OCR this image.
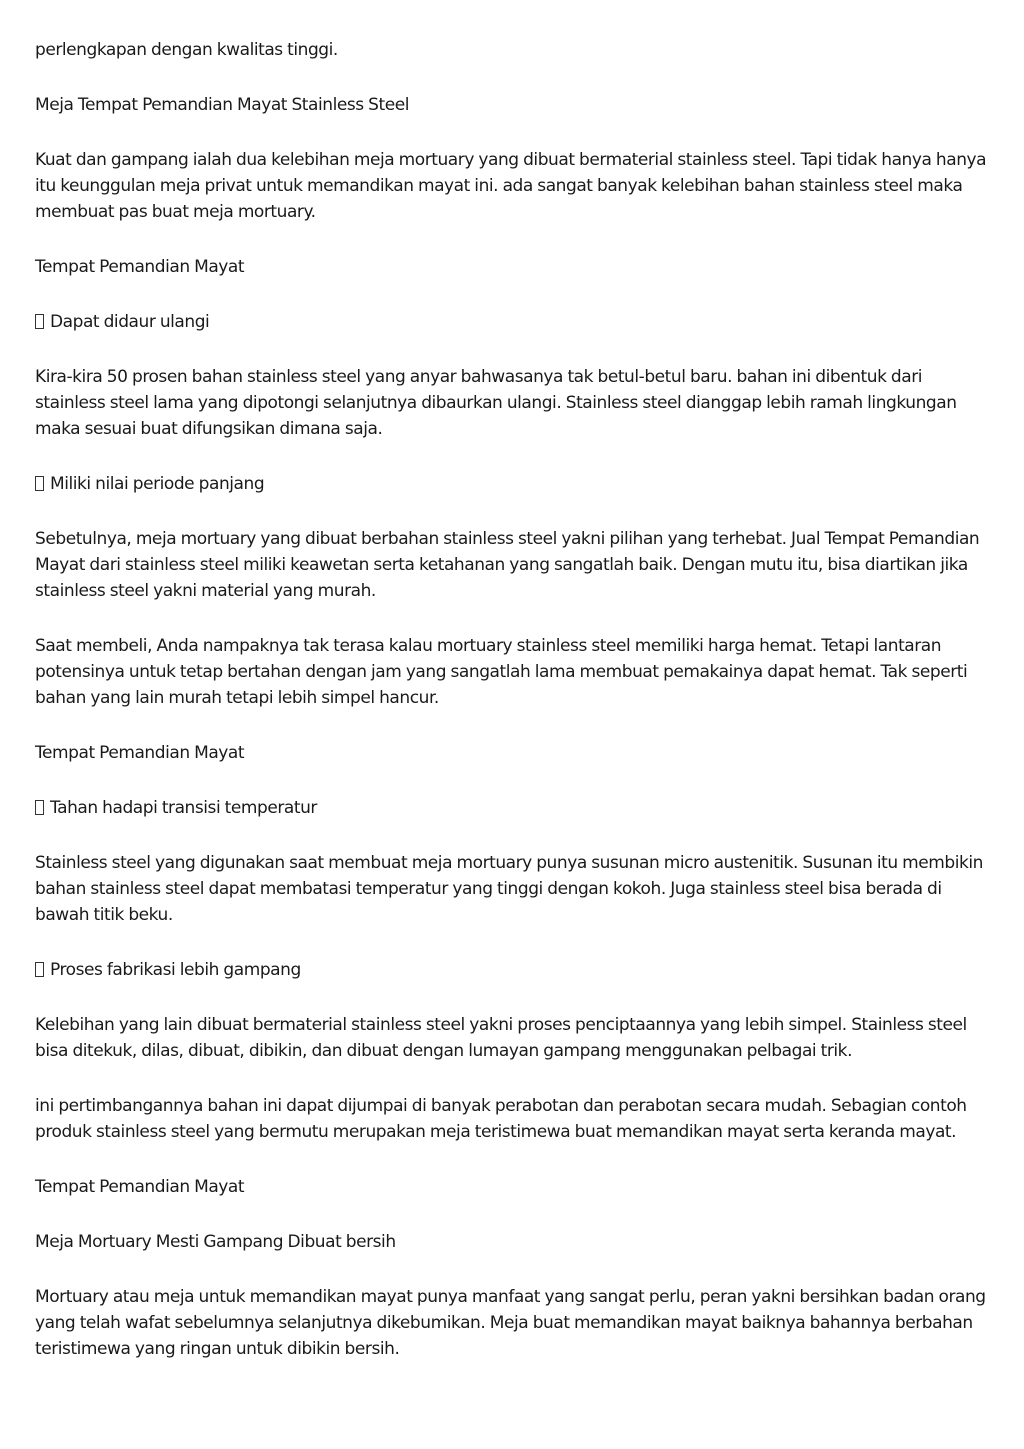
perlengkapan dengan kwalitas tinggi.

Meja Tempat Pemandian Mayat Stainless Steel

Kuat dan gampang ialah dua kelebihan meja mortuary yang dibuat bermaterial stainless steel. Tapi tidak hanya hanya itu keunggulan meja privat untuk memandikan mayat ini. ada sangat banyak kelebihan bahan stainless steel maka membuat pas buat meja mortuary.

Tempat Pemandian Mayat

Dapat didaur ulangi

Kira-kira 50 prosen bahan stainless steel yang anyar bahwasanya tak betul-betul baru. bahan ini dibentuk dari stainless steel lama yang dipotongi selanjutnya dibaurkan ulangi. Stainless steel dianggap lebih ramah lingkungan maka sesuai buat difungsikan dimana saja.

Miliki nilai periode panjang

Sebetulnya, meja mortuary yang dibuat berbahan stainless steel yakni pilihan yang terhebat. Jual Tempat Pemandian Mayat dari stainless steel miliki keawetan serta ketahanan yang sangatlah baik. Dengan mutu itu, bisa diartikan jika stainless steel yakni material yang murah.

Saat membeli, Anda nampaknya tak terasa kalau mortuary stainless steel memiliki harga hemat. Tetapi lantaran potensinya untuk tetap bertahan dengan jam yang sangatlah lama membuat pemakainya dapat hemat. Tak seperti bahan yang lain murah tetapi lebih simpel hancur.

Tempat Pemandian Mayat

Tahan hadapi transisi temperatur

Stainless steel yang digunakan saat membuat meja mortuary punya susunan micro austenitik. Susunan itu membikin bahan stainless steel dapat membatasi temperatur yang tinggi dengan kokoh. Juga stainless steel bisa berada di bawah titik beku.

Proses fabrikasi lebih gampang

Kelebihan yang lain dibuat bermaterial stainless steel yakni proses penciptaannya yang lebih simpel. Stainless steel bisa ditekuk, dilas, dibuat, dibikin, dan dibuat dengan lumayan gampang menggunakan pelbagai trik.

ini pertimbangannya bahan ini dapat dijumpai di banyak perabotan dan perabotan secara mudah. Sebagian contoh produk stainless steel yang bermutu merupakan meja teristimewa buat memandikan mayat serta keranda mayat.

Tempat Pemandian Mayat

Meja Mortuary Mesti Gampang Dibuat bersih

Mortuary atau meja untuk memandikan mayat punya manfaat yang sangat perlu, peran yakni bersihkan badan orang yang telah wafat sebelumnya selanjutnya dikebumikan. Meja buat memandikan mayat baiknya bahannya berbahan teristimewa yang ringan untuk dibikin bersih.
